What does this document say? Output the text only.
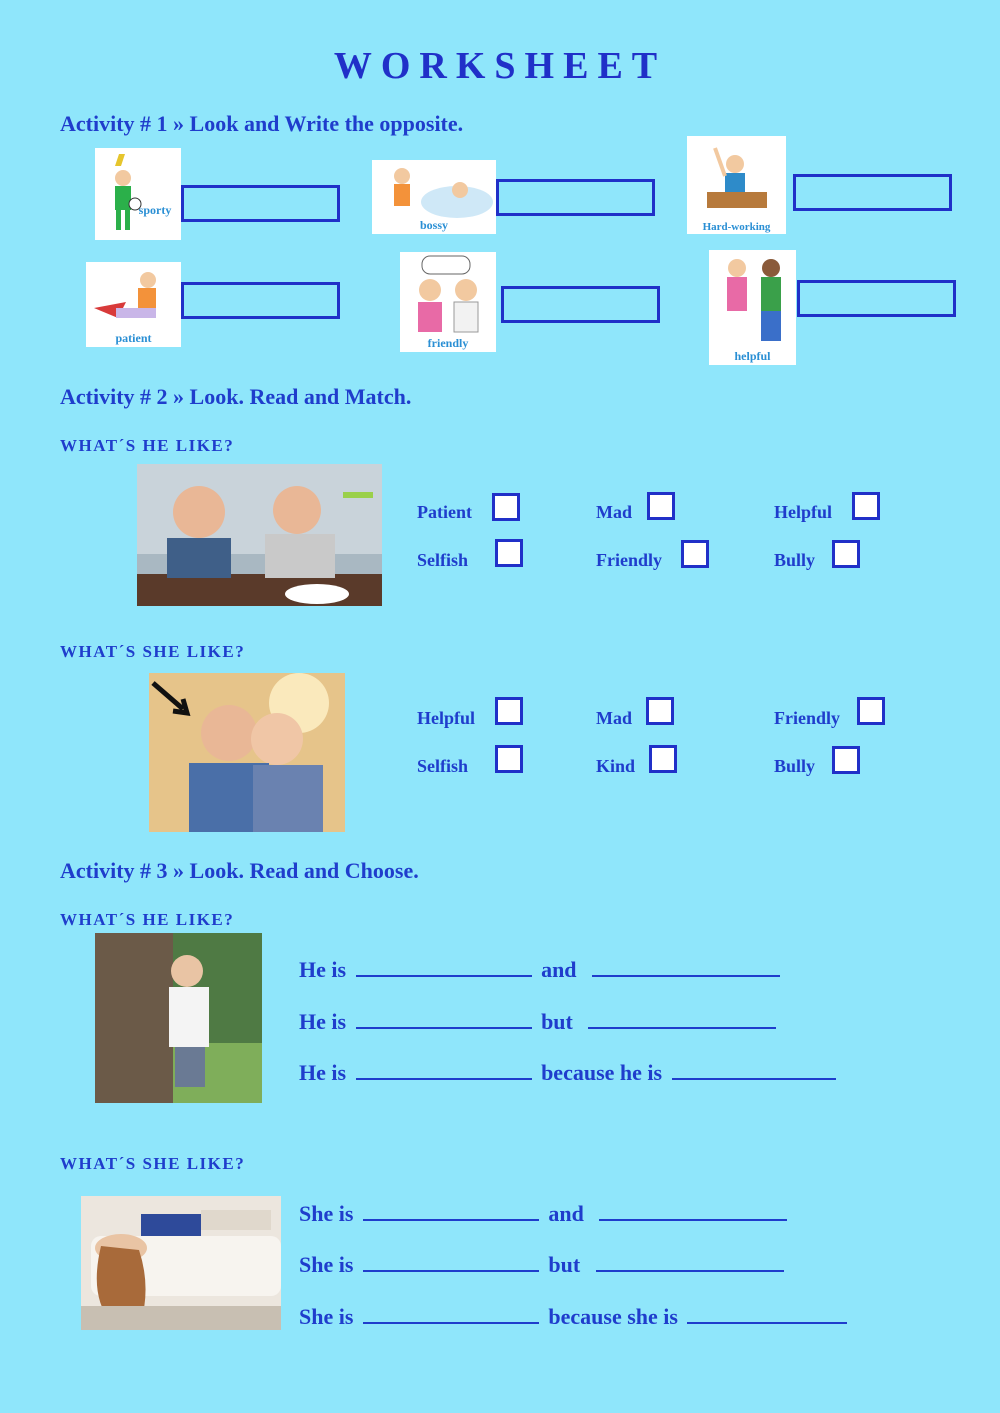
WORKSHEET
Activity # 1 » Look and Write the opposite.
sporty
bossy	Hard-working
patient	friendly
helpful
Activity # 2 » Look. Read and Match.
WHAT´S HE LIKE?
Patient	Mad	Helpful
Selfish	Friendly	Bully
WHAT´S SHE LIKE?
Helpful	Mad	Friendly
Selfish	Kind	Bully
Activity # 3 » Look. Read and Choose.
WHAT´S HE LIKE?
He is	and
He is	but
He is	because he is
WHAT´S SHE LIKE?
She is	and
She is	but
She is	because she is
